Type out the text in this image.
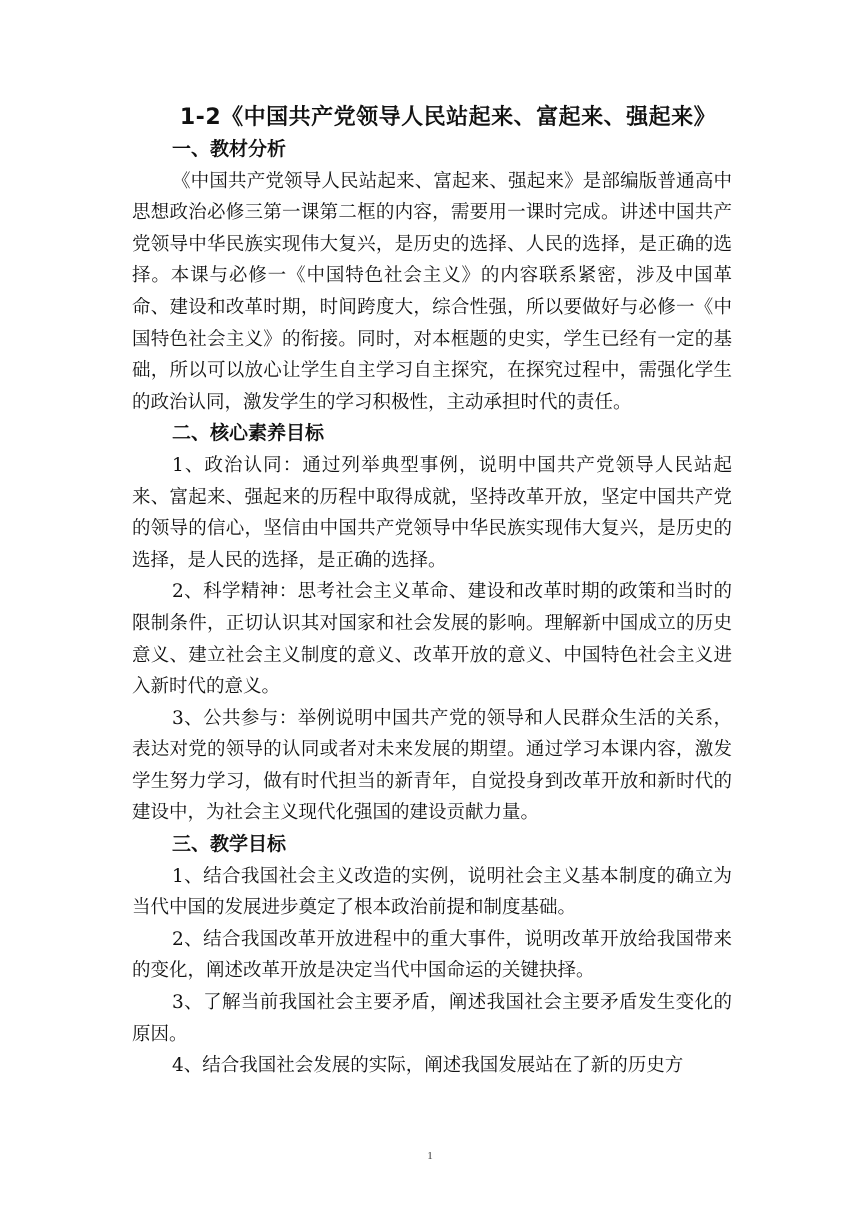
1-2《中国共产党领导人民站起来、富起来、强起来》
一、教材分析

《中国共产党领导人民站起来、富起来、强起来》是部编版普通高中思想政治必修三第一课第二框的内容，需要用一课时完成。讲述中国共产党领导中华民族实现伟大复兴，是历史的选择、人民的选择，是正确的选择。本课与必修一《中国特色社会主义》的内容联系紧密，涉及中国革命、建设和改革时期，时间跨度大，综合性强，所以要做好与必修一《中国特色社会主义》的衔接。同时，对本框题的史实，学生已经有一定的基础，所以可以放心让学生自主学习自主探究，在探究过程中，需强化学生的政治认同，激发学生的学习积极性，主动承担时代的责任。

二、核心素养目标

1、政治认同：通过列举典型事例，说明中国共产党领导人民站起来、富起来、强起来的历程中取得成就，坚持改革开放，坚定中国共产党的领导的信心，坚信由中国共产党领导中华民族实现伟大复兴，是历史的选择，是人民的选择，是正确的选择。

2、科学精神：思考社会主义革命、建设和改革时期的政策和当时的限制条件，正切认识其对国家和社会发展的影响。理解新中国成立的历史意义、建立社会主义制度的意义、改革开放的意义、中国特色社会主义进入新时代的意义。

3、公共参与：举例说明中国共产党的领导和人民群众生活的关系，表达对党的领导的认同或者对未来发展的期望。通过学习本课内容，激发学生努力学习，做有时代担当的新青年，自觉投身到改革开放和新时代的建设中，为社会主义现代化强国的建设贡献力量。

三、教学目标

1、结合我国社会主义改造的实例，说明社会主义基本制度的确立为当代中国的发展进步奠定了根本政治前提和制度基础。

2、结合我国改革开放进程中的重大事件，说明改革开放给我国带来的变化，阐述改革开放是决定当代中国命运的关键抉择。

3、了解当前我国社会主要矛盾，阐述我国社会主要矛盾发生变化的原因。

4、结合我国社会发展的实际，阐述我国发展站在了新的历史方

1
